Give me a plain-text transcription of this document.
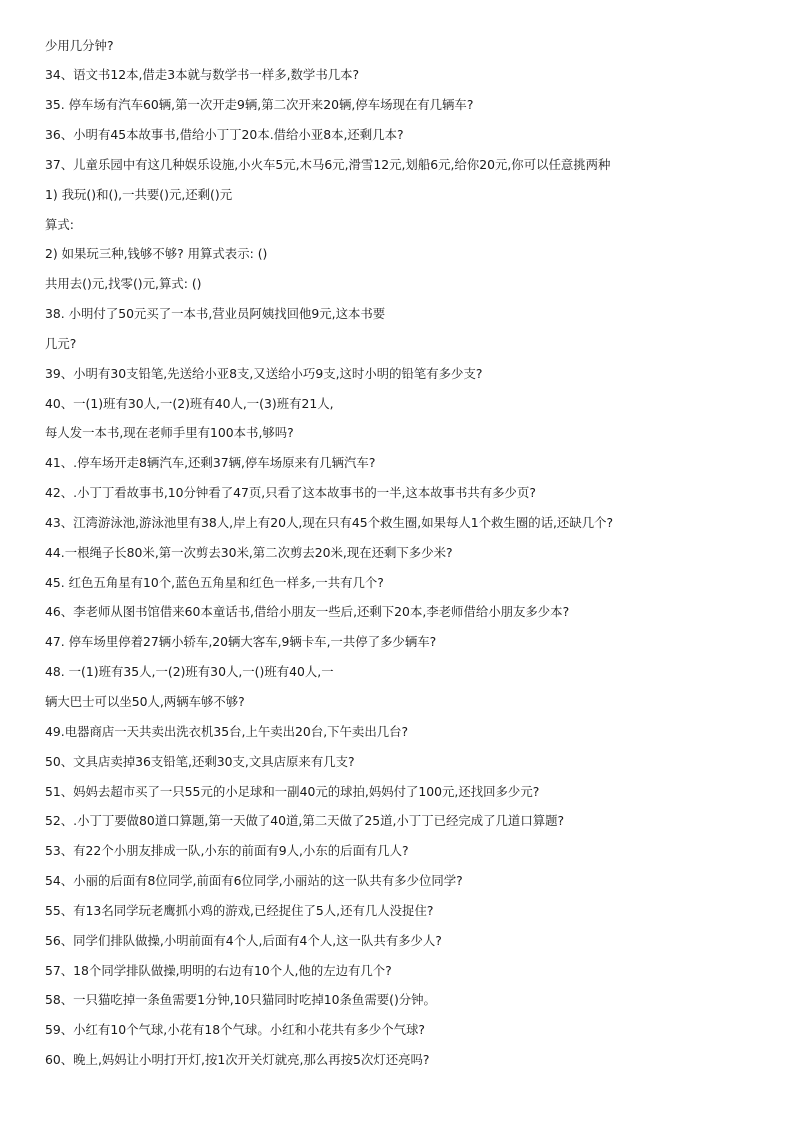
少用几分钟?
34、语文书12本,借走3本就与数学书一样多,数学书几本?
35. 停车场有汽车60辆,第一次开走9辆,第二次开来20辆,停车场现在有几辆车?
36、小明有45本故事书,借给小丁丁20本.借给小亚8本,还剩几本?
37、儿童乐园中有这几种娱乐设施,小火车5元,木马6元,滑雪12元,划船6元,给你20元,你可以任意挑两种
1) 我玩()和(),一共要()元,还剩()元
算式:
2) 如果玩三种,钱够不够? 用算式表示: ()
共用去()元,找零()元,算式: ()
38. 小明付了50元买了一本书,营业员阿姨找回他9元,这本书要
几元?
39、小明有30支铅笔,先送给小亚8支,又送给小巧9支,这时小明的铅笔有多少支?
40、一(1)班有30人,一(2)班有40人,一(3)班有21人,
每人发一本书,现在老师手里有100本书,够吗?
41、.停车场开走8辆汽车,还剩37辆,停车场原来有几辆汽车?
42、.小丁丁看故事书,10分钟看了47页,只看了这本故事书的一半,这本故事书共有多少页?
43、江湾游泳池,游泳池里有38人,岸上有20人,现在只有45个救生圈,如果每人1个救生圈的话,还缺几个?
44.一根绳子长80米,第一次剪去30米,第二次剪去20米,现在还剩下多少米?
45. 红色五角星有10个,蓝色五角星和红色一样多,一共有几个?
46、李老师从图书馆借来60本童话书,借给小朋友一些后,还剩下20本,李老师借给小朋友多少本?
47. 停车场里停着27辆小轿车,20辆大客车,9辆卡车,一共停了多少辆车?
48. 一(1)班有35人,一(2)班有30人,一()班有40人,一
辆大巴士可以坐50人,两辆车够不够?
49.电器商店一天共卖出洗衣机35台,上午卖出20台,下午卖出几台?
50、文具店卖掉36支铅笔,还剩30支,文具店原来有几支?
51、妈妈去超市买了一只55元的小足球和一副40元的球拍,妈妈付了100元,还找回多少元?
52、.小丁丁要做80道口算题,第一天做了40道,第二天做了25道,小丁丁已经完成了几道口算题?
53、有22个小朋友排成一队,小东的前面有9人,小东的后面有几人?
54、小丽的后面有8位同学,前面有6位同学,小丽站的这一队共有多少位同学?
55、有13名同学玩老鹰抓小鸡的游戏,已经捉住了5人,还有几人没捉住?
56、同学们排队做操,小明前面有4个人,后面有4个人,这一队共有多少人?
57、18个同学排队做操,明明的右边有10个人,他的左边有几个?
58、一只猫吃掉一条鱼需要1分钟,10只猫同时吃掉10条鱼需要()分钟。
59、小红有10个气球,小花有18个气球。小红和小花共有多少个气球?
60、晚上,妈妈让小明打开灯,按1次开关灯就亮,那么再按5次灯还亮吗?
